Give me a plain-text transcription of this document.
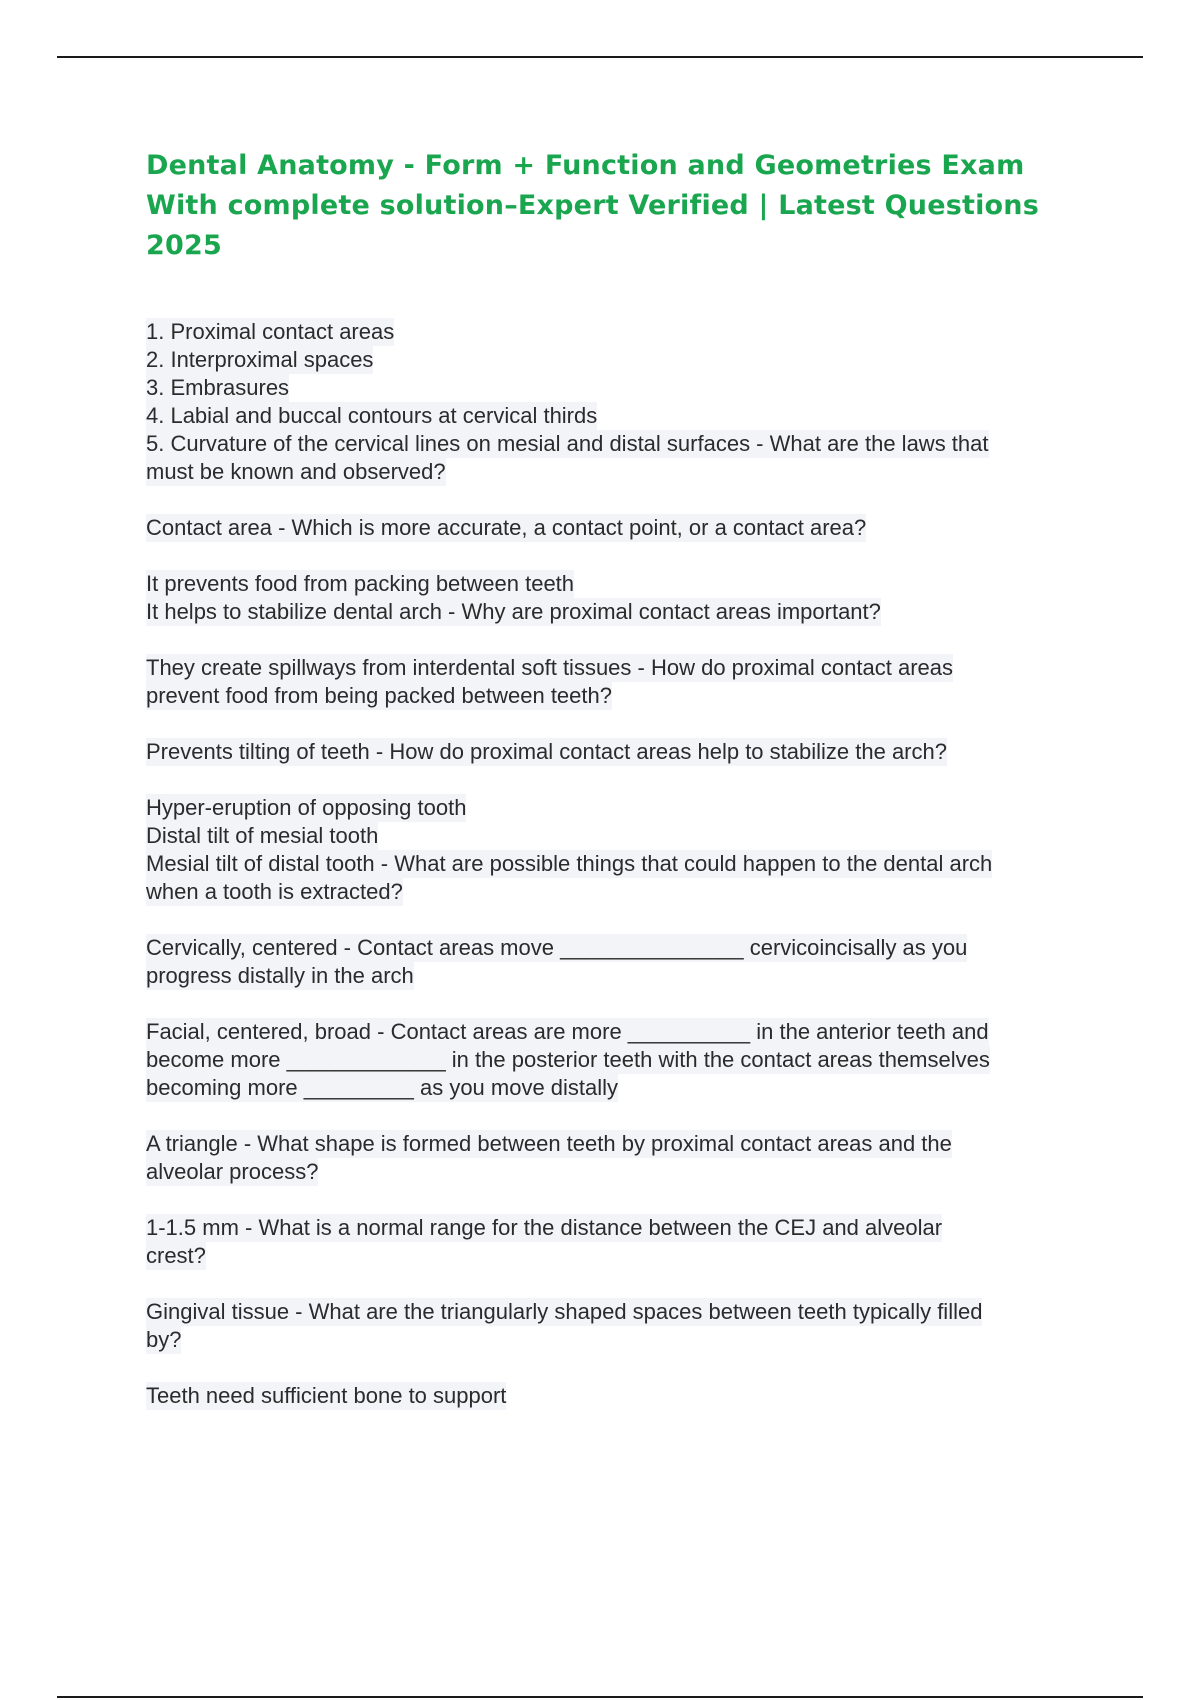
Dental Anatomy - Form + Function and Geometries Exam With complete solution–Expert Verified | Latest Questions 2025
1. Proximal contact areas
2. Interproximal spaces
3. Embrasures
4. Labial and buccal contours at cervical thirds
5. Curvature of the cervical lines on mesial and distal surfaces - What are the laws that
must be known and observed?
Contact area - Which is more accurate, a contact point, or a contact area?
It prevents food from packing between teeth
It helps to stabilize dental arch - Why are proximal contact areas important?
They create spillways from interdental soft tissues - How do proximal contact areas
prevent food from being packed between teeth?
Prevents tilting of teeth - How do proximal contact areas help to stabilize the arch?
Hyper-eruption of opposing tooth
Distal tilt of mesial tooth
Mesial tilt of distal tooth - What are possible things that could happen to the dental arch
when a tooth is extracted?
Cervically, centered - Contact areas move _______________ cervicoincisally as you
progress distally in the arch
Facial, centered, broad - Contact areas are more __________ in the anterior teeth and
become more _____________ in the posterior teeth with the contact areas themselves
becoming more _________ as you move distally
A triangle - What shape is formed between teeth by proximal contact areas and the
alveolar process?
1-1.5 mm - What is a normal range for the distance between the CEJ and alveolar
crest?
Gingival tissue - What are the triangularly shaped spaces between teeth typically filled
by?
Teeth need sufficient bone to support
